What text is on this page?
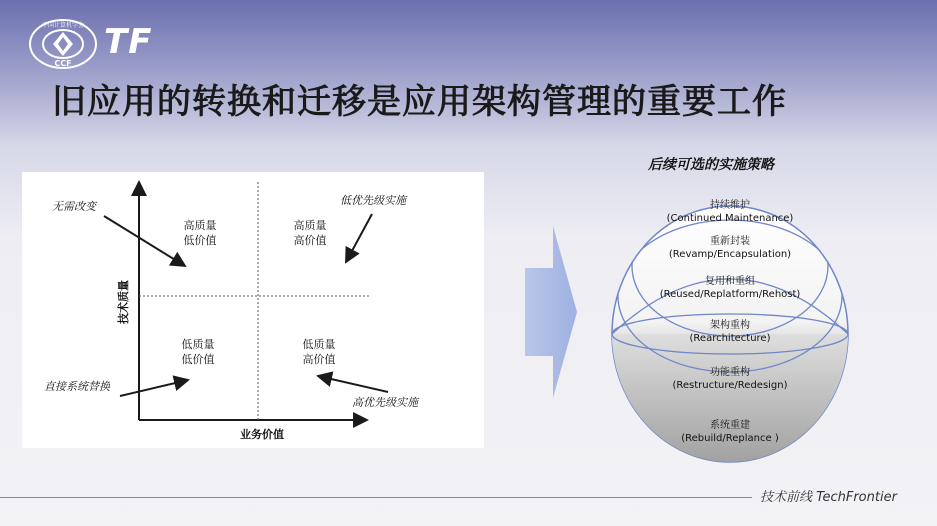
中国计算机学会
CCF
TF
旧应用的转换和迁移是应用架构管理的重要工作
技术质量
业务价值
高质量
低价值
高质量
高价值
低质量
低价值
低质量
高价值
无需改变	低优先级实施
直接系统替换
高优先级实施
后续可选的实施策略
持续维护
(Continued Maintenance)
重新封装
(Revamp/Encapsulation)
复用和重组
(Reused/Replatform/Rehost)
架构重构
(Rearchitecture)
功能重构
(Restructure/Redesign)
系统重建
(Rebuild/Replance )
技术前线 TechFrontier
